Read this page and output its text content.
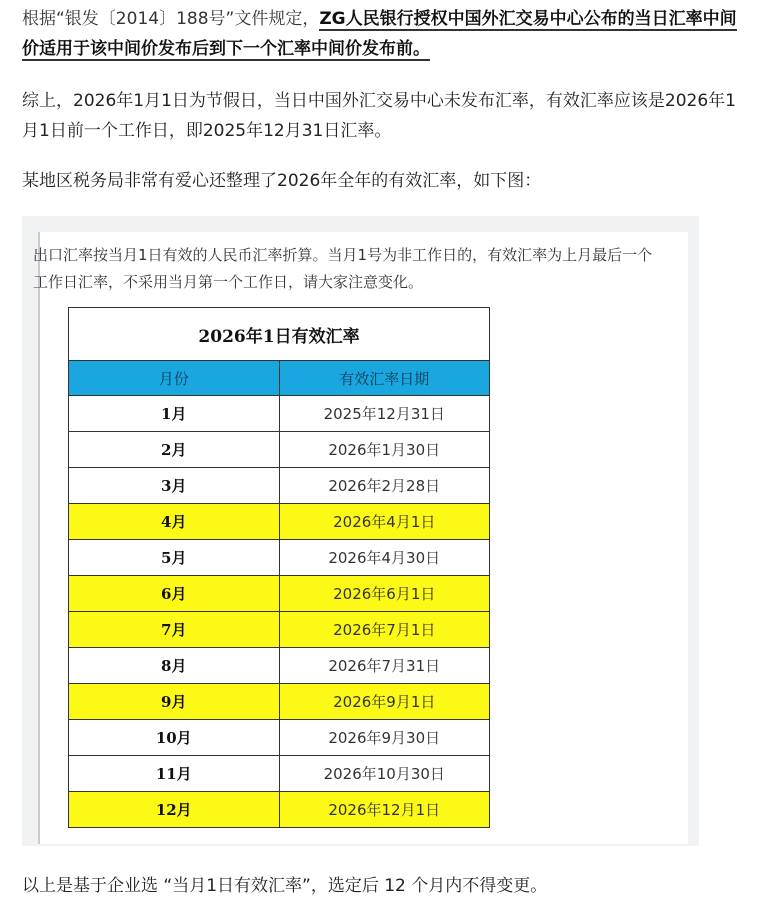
根据“银发〔2014〕188号”文件规定，ZG人民银行授权中国外汇交易中心公布的当日汇率中间价适用于该中间价发布后到下一个汇率中间价发布前。

综上，2026年1月1日为节假日，当日中国外汇交易中心未发布汇率，有效汇率应该是2026年1月1日前一个工作日，即2025年12月31日汇率。

某地区税务局非常有爱心还整理了2026年全年的有效汇率，如下图：

出口汇率按当月1日有效的人民币汇率折算。当月1号为非工作日的，有效汇率为上月最后一个工作日汇率，不采用当月第一个工作日，请大家注意变化。

2026年1日有效汇率	
月份	有效汇率日期
1月	2025年12月31日
2月	2026年1月30日
3月	2026年2月28日
4月	2026年4月1日
5月	2026年4月30日
6月	2026年6月1日
7月	2026年7月1日
8月	2026年7月31日
9月	2026年9月1日
10月	2026年9月30日
11月	2026年10月30日
12月	2026年12月1日

以上是基于企业选 “当月1日有效汇率”，选定后 12 个月内不得变更。
